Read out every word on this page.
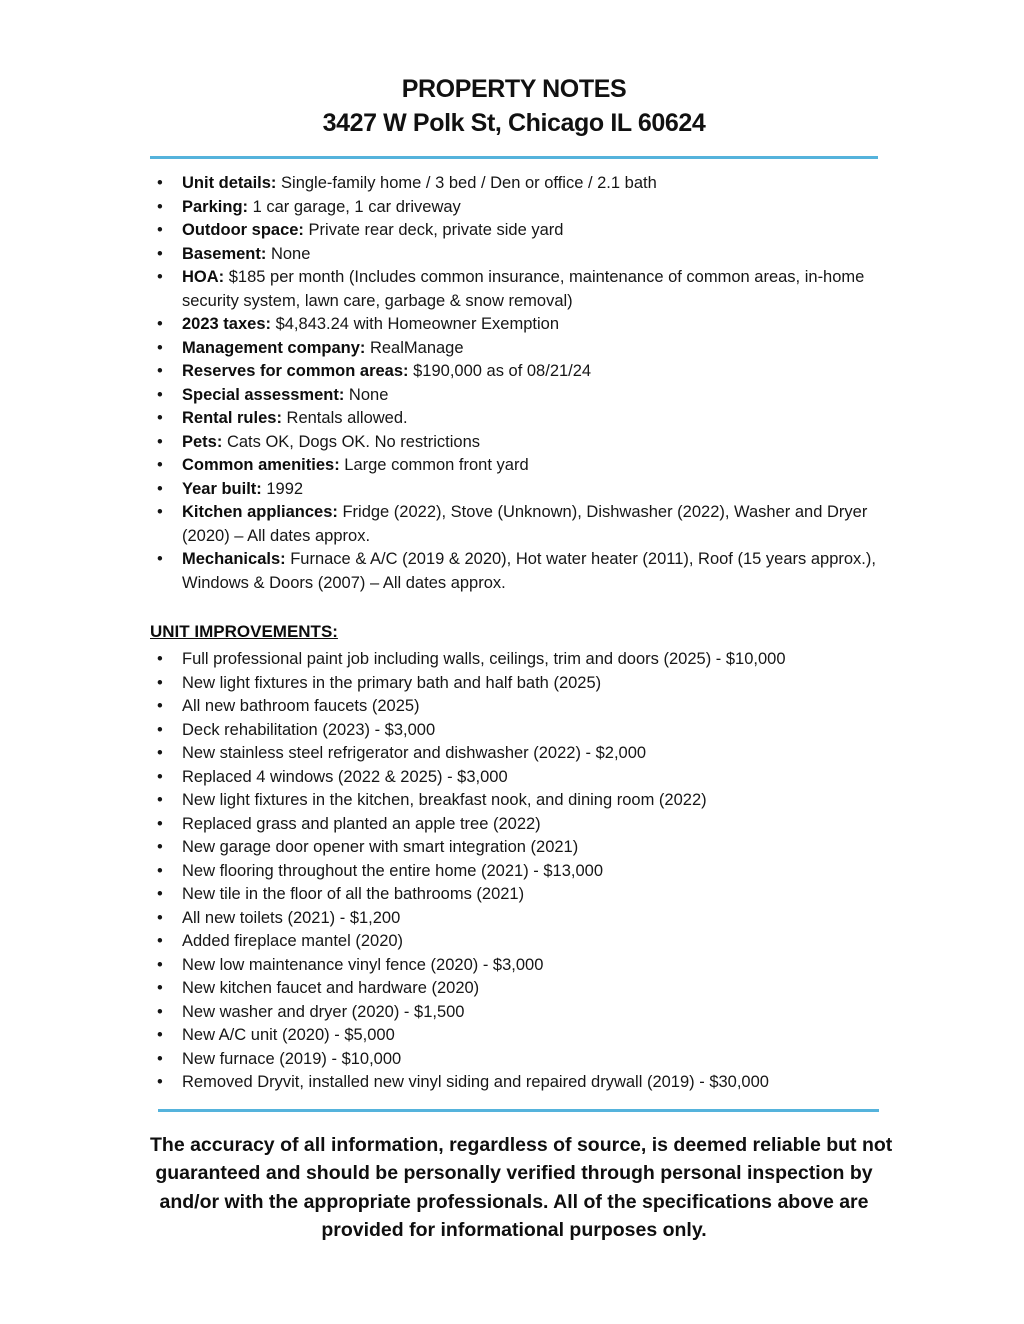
PROPERTY NOTES
3427 W Polk St, Chicago IL 60624
• Unit details: Single-family home / 3 bed / Den or office / 2.1 bath
• Parking: 1 car garage, 1 car driveway
• Outdoor space: Private rear deck, private side yard
• Basement: None
• HOA: $185 per month (Includes common insurance, maintenance of common areas, in-home security system, lawn care, garbage & snow removal)
• 2023 taxes: $4,843.24 with Homeowner Exemption
• Management company: RealManage
• Reserves for common areas: $190,000 as of 08/21/24
• Special assessment: None
• Rental rules: Rentals allowed.
• Pets: Cats OK, Dogs OK. No restrictions
• Common amenities: Large common front yard
• Year built: 1992
• Kitchen appliances: Fridge (2022), Stove (Unknown), Dishwasher (2022), Washer and Dryer (2020) – All dates approx.
• Mechanicals: Furnace & A/C (2019 & 2020), Hot water heater (2011), Roof (15 years approx.), Windows & Doors (2007) – All dates approx.
UNIT IMPROVEMENTS:
• Full professional paint job including walls, ceilings, trim and doors (2025) - $10,000
• New light fixtures in the primary bath and half bath (2025)
• All new bathroom faucets (2025)
• Deck rehabilitation (2023) - $3,000
• New stainless steel refrigerator and dishwasher (2022) - $2,000
• Replaced 4 windows (2022 & 2025) - $3,000
• New light fixtures in the kitchen, breakfast nook, and dining room (2022)
• Replaced grass and planted an apple tree (2022)
• New garage door opener with smart integration (2021)
• New flooring throughout the entire home (2021) - $13,000
• New tile in the floor of all the bathrooms (2021)
• All new toilets (2021) - $1,200
• Added fireplace mantel (2020)
• New low maintenance vinyl fence (2020) - $3,000
• New kitchen faucet and hardware (2020)
• New washer and dryer (2020) - $1,500
• New A/C unit (2020) - $5,000
• New furnace (2019) - $10,000
• Removed Dryvit, installed new vinyl siding and repaired drywall (2019) - $30,000
The accuracy of all information, regardless of source, is deemed reliable but not
guaranteed and should be personally verified through personal inspection by
and/or with the appropriate professionals. All of the specifications above are
provided for informational purposes only.
